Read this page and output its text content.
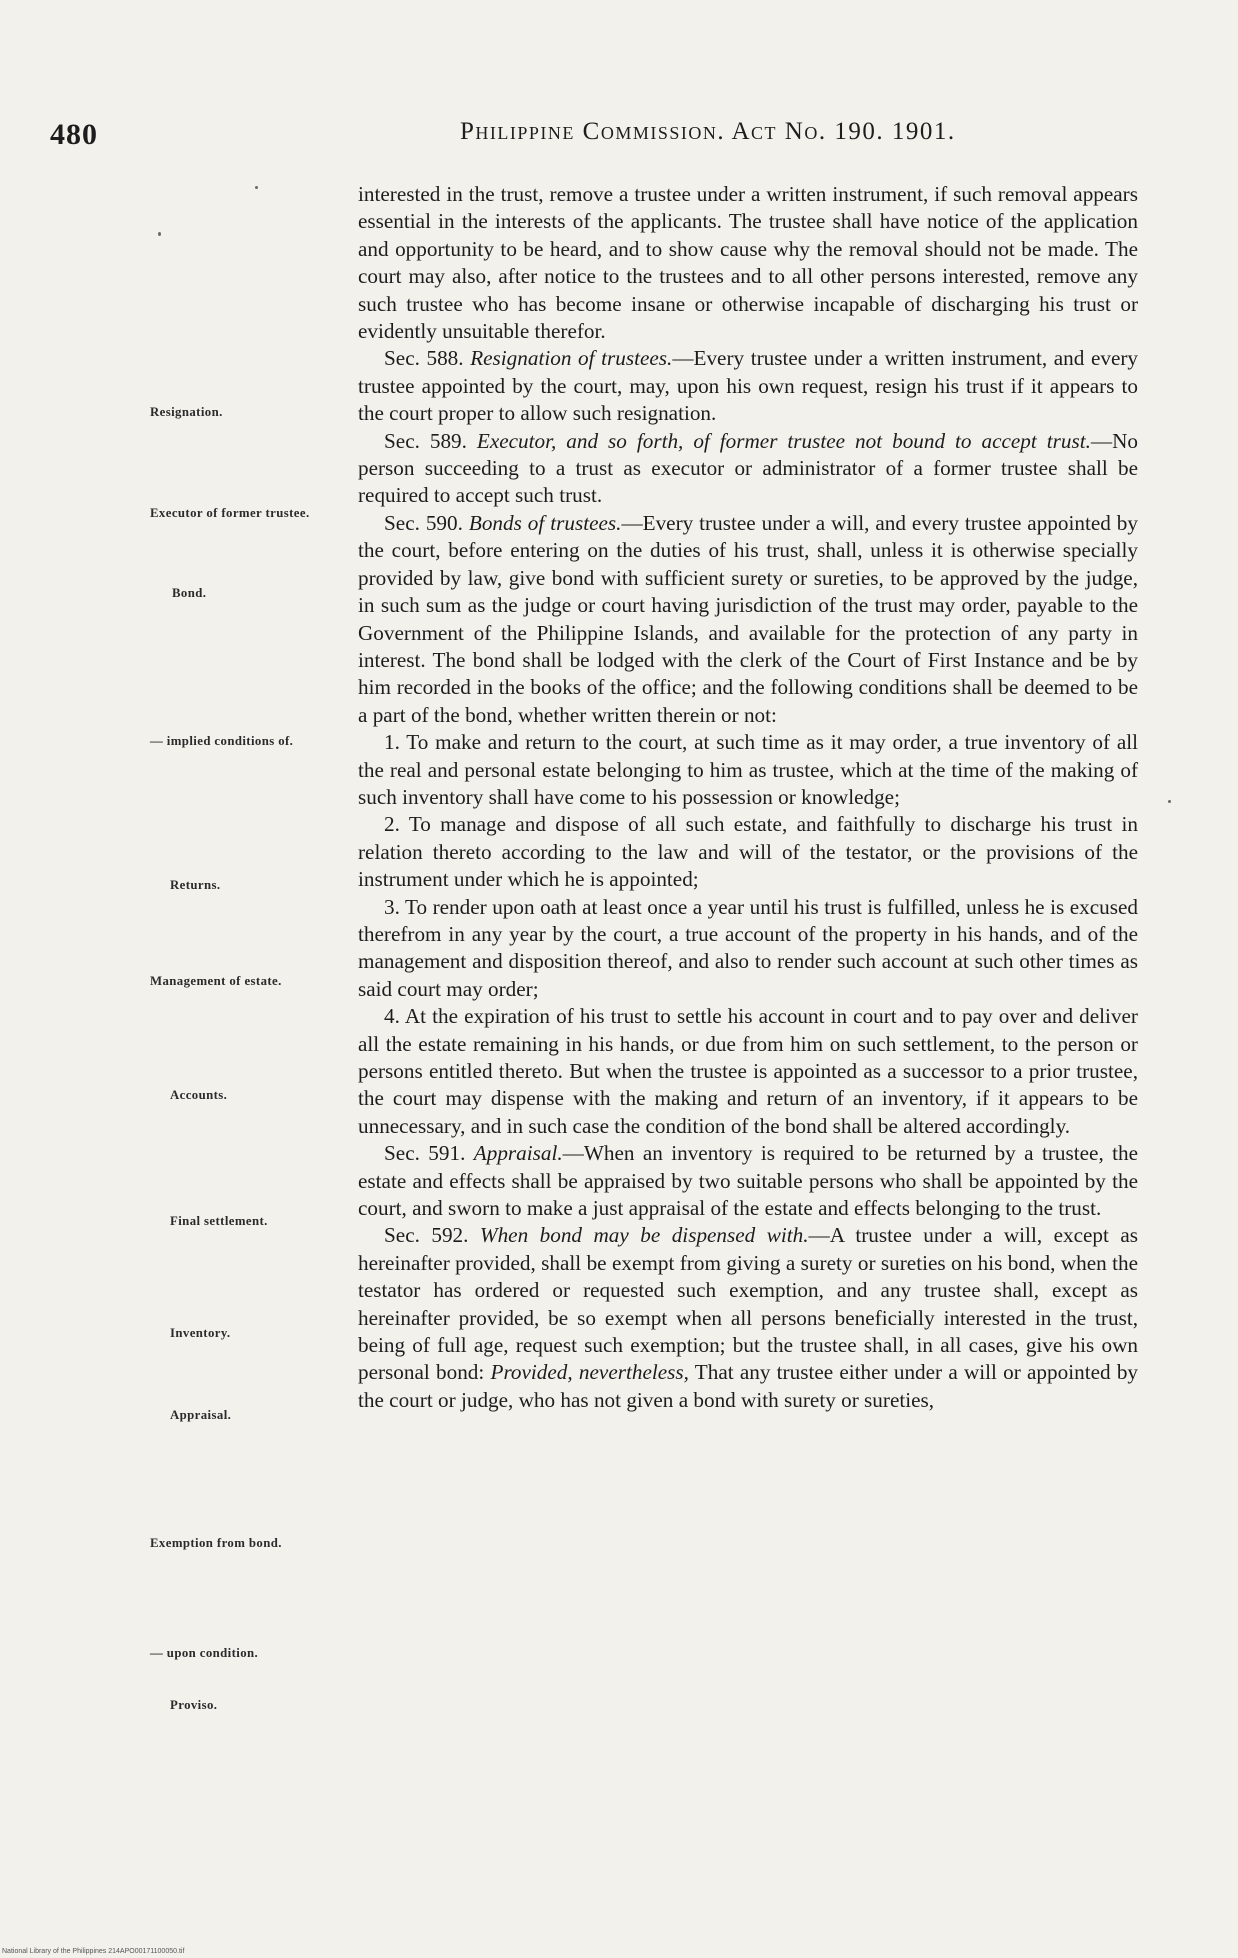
480	Philippine Commission. Act No. 190. 1901.
Resignation.
Executor of former trustee.
Bond.
— implied conditions of.
Returns.
Management of estate.
Accounts.
Final settlement.
Inventory.
Appraisal.
Exemption from bond.
— upon condition.
Proviso.

interested in the trust, remove a trustee under a written instrument, if such removal appears essential in the interests of the applicants. The trustee shall have notice of the application and opportunity to be heard, and to show cause why the removal should not be made. The court may also, after notice to the trustees and to all other persons interested, remove any such trustee who has become insane or otherwise incapable of discharging his trust or evidently unsuitable therefor.

Sec. 588. Resignation of trustees.—Every trustee under a written instrument, and every trustee appointed by the court, may, upon his own request, resign his trust if it appears to the court proper to allow such resignation.

Sec. 589. Executor, and so forth, of former trustee not bound to accept trust.—No person succeeding to a trust as executor or administrator of a former trustee shall be required to accept such trust.

Sec. 590. Bonds of trustees.—Every trustee under a will, and every trustee appointed by the court, before entering on the duties of his trust, shall, unless it is otherwise specially provided by law, give bond with sufficient surety or sureties, to be approved by the judge, in such sum as the judge or court having jurisdiction of the trust may order, payable to the Government of the Philippine Islands, and available for the protection of any party in interest. The bond shall be lodged with the clerk of the Court of First Instance and be by him recorded in the books of the office; and the following conditions shall be deemed to be a part of the bond, whether written therein or not:

1. To make and return to the court, at such time as it may order, a true inventory of all the real and personal estate belonging to him as trustee, which at the time of the making of such inventory shall have come to his possession or knowledge;

2. To manage and dispose of all such estate, and faithfully to discharge his trust in relation thereto according to the law and will of the testator, or the provisions of the instrument under which he is appointed;

3. To render upon oath at least once a year until his trust is fulfilled, unless he is excused therefrom in any year by the court, a true account of the property in his hands, and of the management and disposition thereof, and also to render such account at such other times as said court may order;

4. At the expiration of his trust to settle his account in court and to pay over and deliver all the estate remaining in his hands, or due from him on such settlement, to the person or persons entitled thereto. But when the trustee is appointed as a successor to a prior trustee, the court may dispense with the making and return of an inventory, if it appears to be unnecessary, and in such case the condition of the bond shall be altered accordingly.

Sec. 591. Appraisal.—When an inventory is required to be returned by a trustee, the estate and effects shall be appraised by two suitable persons who shall be appointed by the court, and sworn to make a just appraisal of the estate and effects belonging to the trust.

Sec. 592. When bond may be dispensed with.—A trustee under a will, except as hereinafter provided, shall be exempt from giving a surety or sureties on his bond, when the testator has ordered or requested such exemption, and any trustee shall, except as hereinafter provided, be so exempt when all persons beneficially interested in the trust, being of full age, request such exemption; but the trustee shall, in all cases, give his own personal bond: Provided, nevertheless, That any trustee either under a will or appointed by the court or judge, who has not given a bond with surety or sureties,

National Library of the Philippines 214APO00171100050.tif
